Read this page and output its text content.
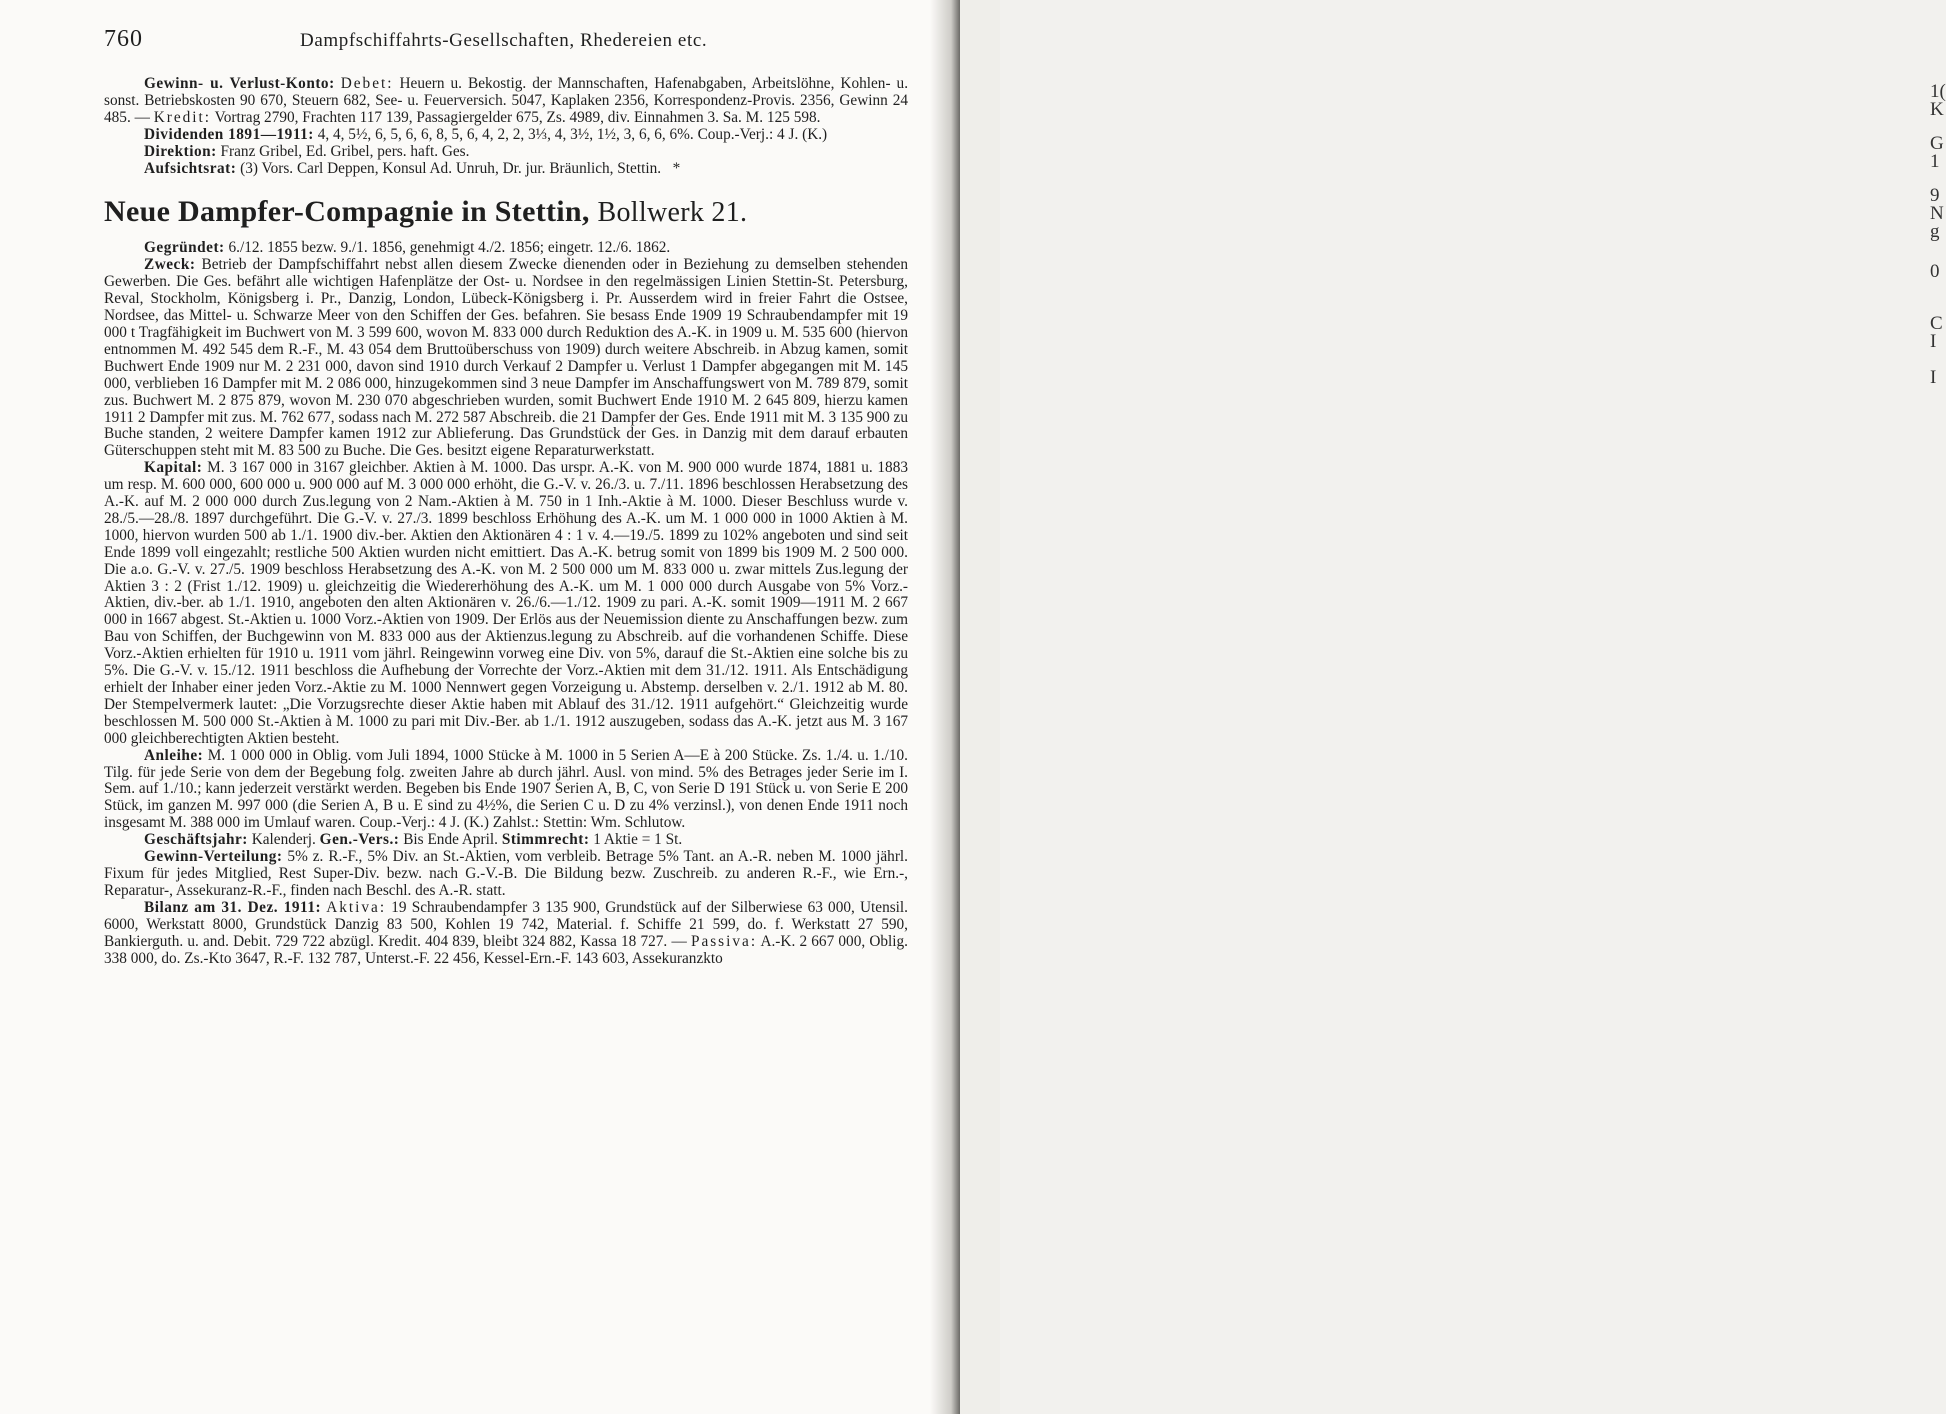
760	Dampfschiffahrts-Gesellschaften, Rhedereien etc.

Gewinn- u. Verlust-Konto: Debet: Heuern u. Bekostig. der Mannschaften, Hafenabgaben, Arbeitslöhne, Kohlen- u. sonst. Betriebskosten 90 670, Steuern 682, See- u. Feuerversich. 5047, Kaplaken 2356, Korrespondenz-Provis. 2356, Gewinn 24 485. — Kredit: Vortrag 2790, Frachten 117 139, Passagiergelder 675, Zs. 4989, div. Einnahmen 3. Sa. M. 125 598.

Dividenden 1891—1911: 4, 4, 5½, 6, 5, 6, 6, 8, 5, 6, 4, 2, 2, 3⅓, 4, 3½, 1½, 3, 6, 6, 6%. Coup.-Verj.: 4 J. (K.)

Direktion: Franz Gribel, Ed. Gribel, pers. haft. Ges.

Aufsichtsrat: (3) Vors. Carl Deppen, Konsul Ad. Unruh, Dr. jur. Bräunlich, Stettin. *

Neue Dampfer-Compagnie in Stettin, Bollwerk 21.

Gegründet: 6./12. 1855 bezw. 9./1. 1856, genehmigt 4./2. 1856; eingetr. 12./6. 1862.

Zweck: Betrieb der Dampfschiffahrt nebst allen diesem Zwecke dienenden oder in Beziehung zu demselben stehenden Gewerben. Die Ges. befährt alle wichtigen Hafenplätze der Ost- u. Nordsee in den regelmässigen Linien Stettin-St. Petersburg, Reval, Stockholm, Königsberg i. Pr., Danzig, London, Lübeck-Königsberg i. Pr. Ausserdem wird in freier Fahrt die Ostsee, Nordsee, das Mittel- u. Schwarze Meer von den Schiffen der Ges. befahren. Sie besass Ende 1909 19 Schraubendampfer mit 19 000 t Tragfähigkeit im Buchwert von M. 3 599 600, wovon M. 833 000 durch Reduktion des A.-K. in 1909 u. M. 535 600 (hiervon entnommen M. 492 545 dem R.-F., M. 43 054 dem Bruttoüberschuss von 1909) durch weitere Abschreib. in Abzug kamen, somit Buchwert Ende 1909 nur M. 2 231 000, davon sind 1910 durch Verkauf 2 Dampfer u. Verlust 1 Dampfer abgegangen mit M. 145 000, verblieben 16 Dampfer mit M. 2 086 000, hinzugekommen sind 3 neue Dampfer im Anschaffungswert von M. 789 879, somit zus. Buchwert M. 2 875 879, wovon M. 230 070 abgeschrieben wurden, somit Buchwert Ende 1910 M. 2 645 809, hierzu kamen 1911 2 Dampfer mit zus. M. 762 677, sodass nach M. 272 587 Abschreib. die 21 Dampfer der Ges. Ende 1911 mit M. 3 135 900 zu Buche standen, 2 weitere Dampfer kamen 1912 zur Ablieferung. Das Grundstück der Ges. in Danzig mit dem darauf erbauten Güterschuppen steht mit M. 83 500 zu Buche. Die Ges. besitzt eigene Reparaturwerkstatt.

Kapital: M. 3 167 000 in 3167 gleichber. Aktien à M. 1000. Das urspr. A.-K. von M. 900 000 wurde 1874, 1881 u. 1883 um resp. M. 600 000, 600 000 u. 900 000 auf M. 3 000 000 erhöht, die G.-V. v. 26./3. u. 7./11. 1896 beschlossen Herabsetzung des A.-K. auf M. 2 000 000 durch Zus.legung von 2 Nam.-Aktien à M. 750 in 1 Inh.-Aktie à M. 1000. Dieser Beschluss wurde v. 28./5.—28./8. 1897 durchgeführt. Die G.-V. v. 27./3. 1899 beschloss Erhöhung des A.-K. um M. 1 000 000 in 1000 Aktien à M. 1000, hiervon wurden 500 ab 1./1. 1900 div.-ber. Aktien den Aktionären 4 : 1 v. 4.—19./5. 1899 zu 102% angeboten und sind seit Ende 1899 voll eingezahlt; restliche 500 Aktien wurden nicht emittiert. Das A.-K. betrug somit von 1899 bis 1909 M. 2 500 000. Die a.o. G.-V. v. 27./5. 1909 beschloss Herabsetzung des A.-K. von M. 2 500 000 um M. 833 000 u. zwar mittels Zus.legung der Aktien 3 : 2 (Frist 1./12. 1909) u. gleichzeitig die Wiedererhöhung des A.-K. um M. 1 000 000 durch Ausgabe von 5% Vorz.-Aktien, div.-ber. ab 1./1. 1910, angeboten den alten Aktionären v. 26./6.—1./12. 1909 zu pari. A.-K. somit 1909—1911 M. 2 667 000 in 1667 abgest. St.-Aktien u. 1000 Vorz.-Aktien von 1909. Der Erlös aus der Neuemission diente zu Anschaffungen bezw. zum Bau von Schiffen, der Buchgewinn von M. 833 000 aus der Aktienzus.legung zu Abschreib. auf die vorhandenen Schiffe. Diese Vorz.-Aktien erhielten für 1910 u. 1911 vom jährl. Reingewinn vorweg eine Div. von 5%, darauf die St.-Aktien eine solche bis zu 5%. Die G.-V. v. 15./12. 1911 beschloss die Aufhebung der Vorrechte der Vorz.-Aktien mit dem 31./12. 1911. Als Entschädigung erhielt der Inhaber einer jeden Vorz.-Aktie zu M. 1000 Nennwert gegen Vorzeigung u. Abstemp. derselben v. 2./1. 1912 ab M. 80. Der Stempelvermerk lautet: „Die Vorzugsrechte dieser Aktie haben mit Ablauf des 31./12. 1911 aufgehört.“ Gleichzeitig wurde beschlossen M. 500 000 St.-Aktien à M. 1000 zu pari mit Div.-Ber. ab 1./1. 1912 auszugeben, sodass das A.-K. jetzt aus M. 3 167 000 gleichberechtigten Aktien besteht.

Anleihe: M. 1 000 000 in Oblig. vom Juli 1894, 1000 Stücke à M. 1000 in 5 Serien A—E à 200 Stücke. Zs. 1./4. u. 1./10. Tilg. für jede Serie von dem der Begebung folg. zweiten Jahre ab durch jährl. Ausl. von mind. 5% des Betrages jeder Serie im I. Sem. auf 1./10.; kann jederzeit verstärkt werden. Begeben bis Ende 1907 Serien A, B, C, von Serie D 191 Stück u. von Serie E 200 Stück, im ganzen M. 997 000 (die Serien A, B u. E sind zu 4½%, die Serien C u. D zu 4% verzinsl.), von denen Ende 1911 noch insgesamt M. 388 000 im Umlauf waren. Coup.-Verj.: 4 J. (K.) Zahlst.: Stettin: Wm. Schlutow.

Geschäftsjahr: Kalenderj. Gen.-Vers.: Bis Ende April. Stimmrecht: 1 Aktie = 1 St.

Gewinn-Verteilung: 5% z. R.-F., 5% Div. an St.-Aktien, vom verbleib. Betrage 5% Tant. an A.-R. neben M. 1000 jährl. Fixum für jedes Mitglied, Rest Super-Div. bezw. nach G.-V.-B. Die Bildung bezw. Zuschreib. zu anderen R.-F., wie Ern.-, Reparatur-, Assekuranz-R.-F., finden nach Beschl. des A.-R. statt.

Bilanz am 31. Dez. 1911: Aktiva: 19 Schraubendampfer 3 135 900, Grundstück auf der Silberwiese 63 000, Utensil. 6000, Werkstatt 8000, Grundstück Danzig 83 500, Kohlen 19 742, Material. f. Schiffe 21 599, do. f. Werkstatt 27 590, Bankierguth. u. and. Debit. 729 722 abzügl. Kredit. 404 839, bleibt 324 882, Kassa 18 727. — Passiva: A.-K. 2 667 000, Oblig. 338 000, do. Zs.-Kto 3647, R.-F. 132 787, Unterst.-F. 22 456, Kessel-Ern.-F. 143 603, Assekuranzkto

1(
K
G
1
9
N
g
0
C
I
I
